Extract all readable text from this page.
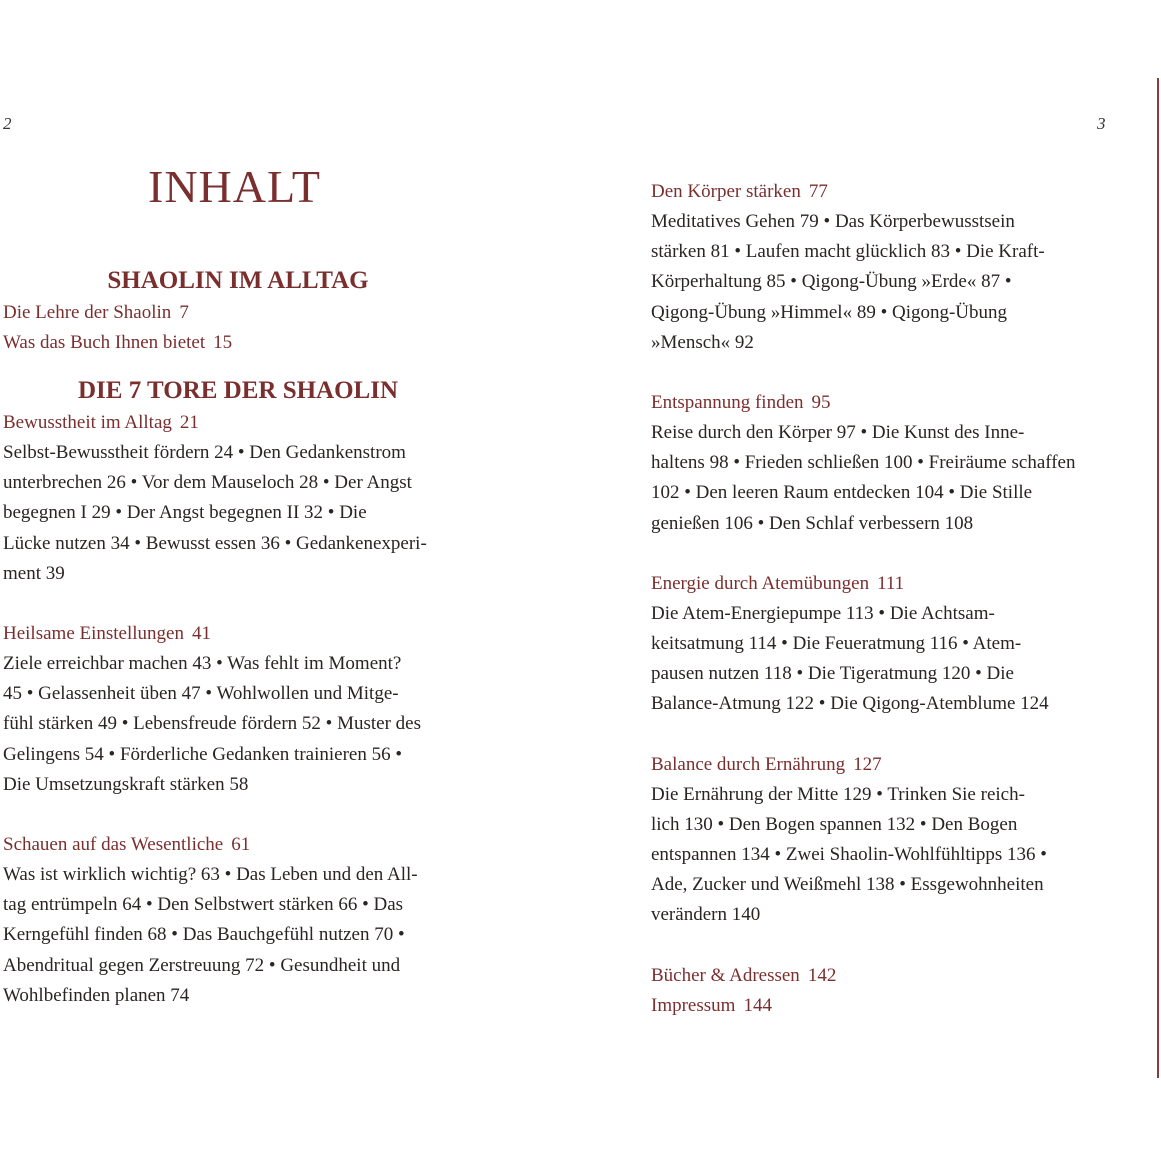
2	3
INHALT
SHAOLIN IM ALLTAG
Die Lehre der Shaolin 7
Was das Buch Ihnen bietet 15
DIE 7 TORE DER SHAOLIN
Bewusstheit im Alltag 21
Selbst-Bewusstheit fördern 24 • Den Gedankenstrom
unterbrechen 26 • Vor dem Mauseloch 28 • Der Angst
begegnen I 29 • Der Angst begegnen II 32 • Die
Lücke nutzen 34 • Bewusst essen 36 • Gedankenexperi-
ment 39
Heilsame Einstellungen 41
Ziele erreichbar machen 43 • Was fehlt im Moment?
45 • Gelassenheit üben 47 • Wohlwollen und Mitge-
fühl stärken 49 • Lebensfreude fördern 52 • Muster des
Gelingens 54 • Förderliche Gedanken trainieren 56 •
Die Umsetzungskraft stärken 58
Schauen auf das Wesentliche 61
Was ist wirklich wichtig? 63 • Das Leben und den All-
tag entrümpeln 64 • Den Selbstwert stärken 66 • Das
Kerngefühl finden 68 • Das Bauchgefühl nutzen 70 •
Abendritual gegen Zerstreuung 72 • Gesundheit und
Wohlbefinden planen 74
Den Körper stärken 77
Meditatives Gehen 79 • Das Körperbewusstsein
stärken 81 • Laufen macht glücklich 83 • Die Kraft-
Körperhaltung 85 • Qigong-Übung »Erde« 87 •
Qigong-Übung »Himmel« 89 • Qigong-Übung
»Mensch« 92
Entspannung finden 95
Reise durch den Körper 97 • Die Kunst des Inne-
haltens 98 • Frieden schließen 100 • Freiräume schaffen
102 • Den leeren Raum entdecken 104 • Die Stille
genießen 106 • Den Schlaf verbessern 108
Energie durch Atemübungen 111
Die Atem-Energiepumpe 113 • Die Achtsam-
keitsatmung 114 • Die Feueratmung 116 • Atem-
pausen nutzen 118 • Die Tigeratmung 120 • Die
Balance-Atmung 122 • Die Qigong-Atemblume 124
Balance durch Ernährung 127
Die Ernährung der Mitte 129 • Trinken Sie reich-
lich 130 • Den Bogen spannen 132 • Den Bogen
entspannen 134 • Zwei Shaolin-Wohlfühltipps 136 •
Ade, Zucker und Weißmehl 138 • Essgewohnheiten
verändern 140
Bücher & Adressen 142
Impressum 144
